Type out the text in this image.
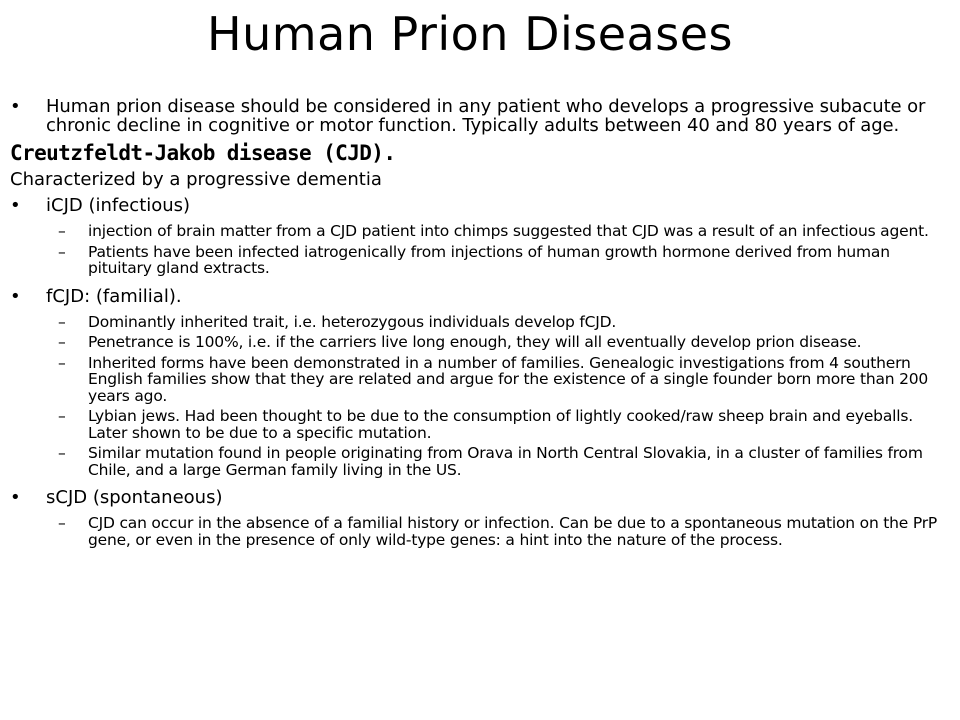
Human Prion Diseases
• Human prion disease should be considered in any patient who develops a progressive subacute or chronic decline in cognitive or motor function. Typically adults between 40 and 80 years of age.
Creutzfeldt-Jakob disease (CJD).
Characterized by a progressive dementia
• iCJD (infectious)
– injection of brain matter from a CJD patient into chimps suggested that CJD was a result of an infectious agent.
– Patients have been infected iatrogenically from injections of human growth hormone derived from human pituitary gland extracts.
• fCJD: (familial).
– Dominantly inherited trait, i.e. heterozygous individuals develop fCJD.
– Penetrance is 100%, i.e. if the carriers live long enough, they will all eventually develop prion disease.
– Inherited forms have been demonstrated in a number of families. Genealogic investigations from 4 southern English families show that they are related and argue for the existence of a single founder born more than 200 years ago.
– Lybian jews. Had been thought to be due to the consumption of lightly cooked/raw sheep brain and eyeballs. Later shown to be due to a specific mutation.
– Similar mutation found in people originating from Orava in North Central Slovakia, in a cluster of families from Chile, and a large German family living in the US.
• sCJD (spontaneous)
– CJD can occur in the absence of a familial history or infection. Can be due to a spontaneous mutation on the PrP gene, or even in the presence of only wild-type genes: a hint into the nature of the process.
